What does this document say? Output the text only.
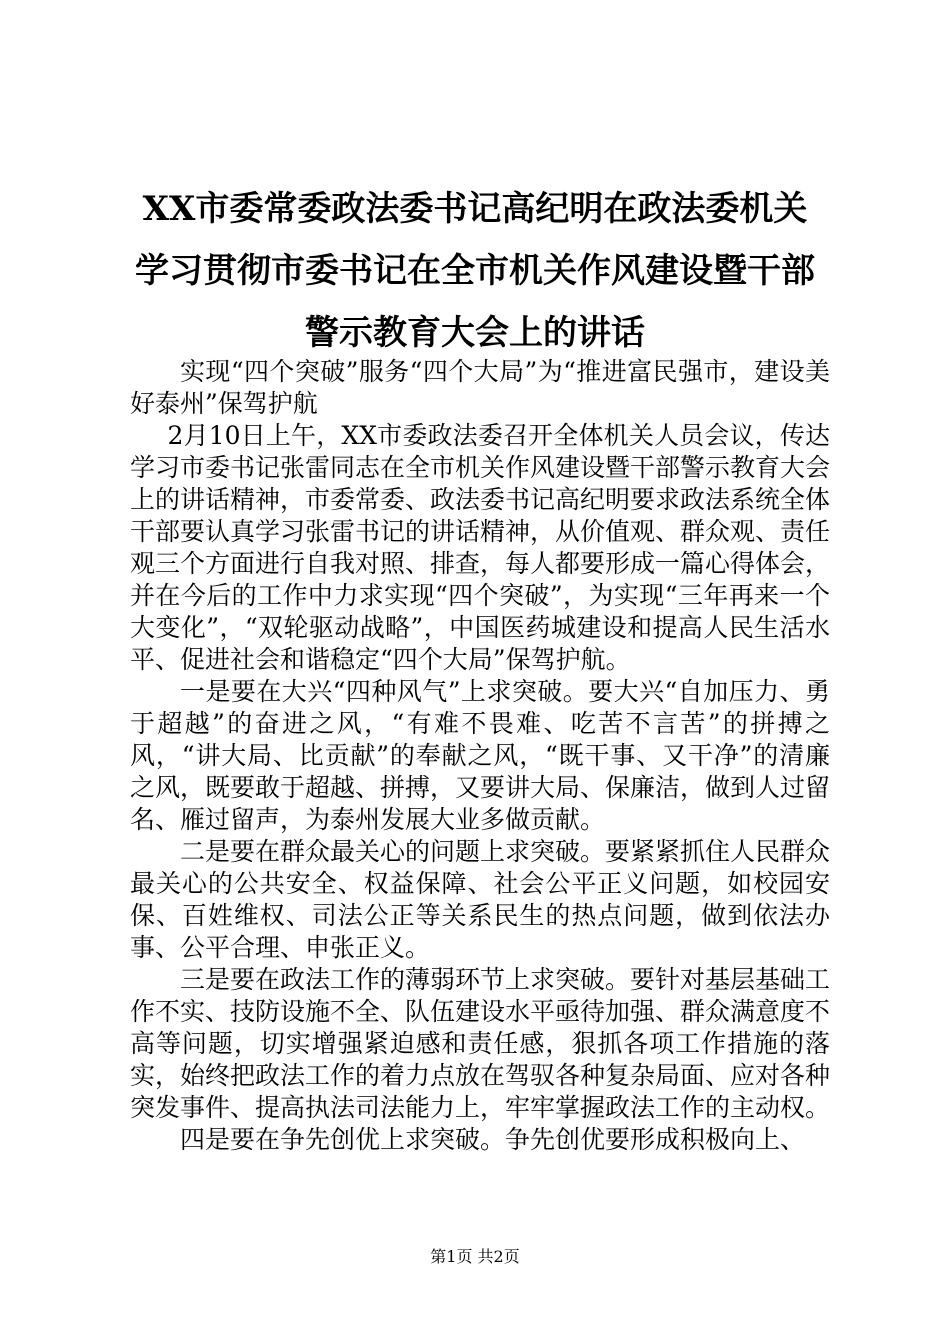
XX市委常委政法委书记高纪明在政法委机关
学习贯彻市委书记在全市机关作风建设暨干部
警示教育大会上的讲话

实现“四个突破”服务“四个大局”为“推进富民强市，建设美好泰州”保驾护航

2月10日上午，XX市委政法委召开全体机关人员会议，传达学习市委书记张雷同志在全市机关作风建设暨干部警示教育大会上的讲话精神，市委常委、政法委书记高纪明要求政法系统全体干部要认真学习张雷书记的讲话精神，从价值观、群众观、责任观三个方面进行自我对照、排查，每人都要形成一篇心得体会，并在今后的工作中力求实现“四个突破”，为实现“三年再来一个大变化”，“双轮驱动战略”，中国医药城建设和提高人民生活水平、促进社会和谐稳定“四个大局”保驾护航。

一是要在大兴“四种风气”上求突破。要大兴“自加压力、勇于超越”的奋进之风，“有难不畏难、吃苦不言苦”的拼搏之风，“讲大局、比贡献”的奉献之风，“既干事、又干净”的清廉之风，既要敢于超越、拼搏，又要讲大局、保廉洁，做到人过留名、雁过留声，为泰州发展大业多做贡献。

二是要在群众最关心的问题上求突破。要紧紧抓住人民群众最关心的公共安全、权益保障、社会公平正义问题，如校园安保、百姓维权、司法公正等关系民生的热点问题，做到依法办事、公平合理、申张正义。

三是要在政法工作的薄弱环节上求突破。要针对基层基础工作不实、技防设施不全、队伍建设水平亟待加强、群众满意度不高等问题，切实增强紧迫感和责任感，狠抓各项工作措施的落实，始终把政法工作的着力点放在驾驭各种复杂局面、应对各种突发事件、提高执法司法能力上，牢牢掌握政法工作的主动权。

四是要在争先创优上求突破。争先创优要形成积极向上、

第1页 共2页
